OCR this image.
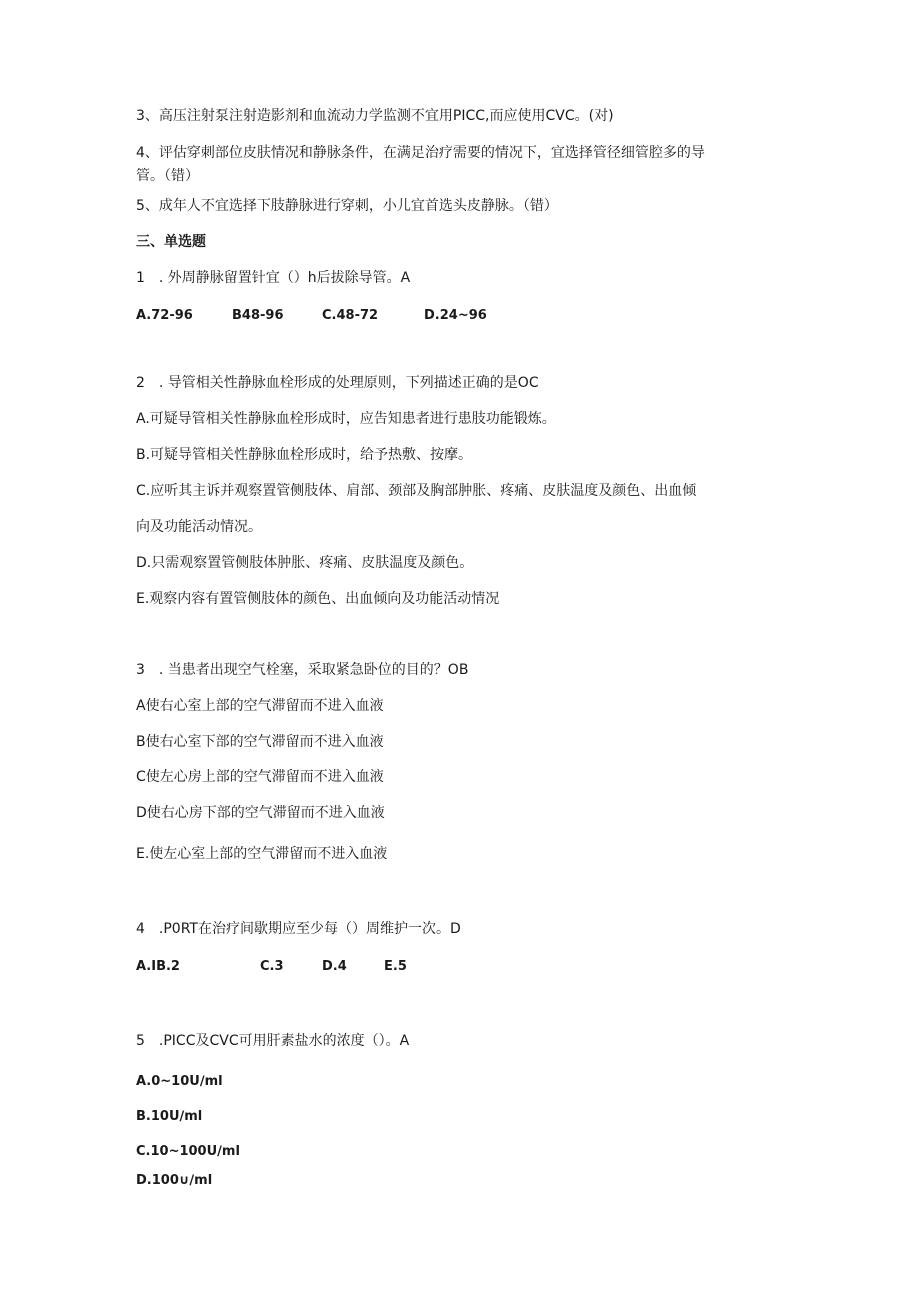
3、高压注射泵注射造影剂和血流动力学监测不宜用PICC,而应使用CVC。(对)
4、评估穿刺部位皮肤情况和静脉条件，在满足治疗需要的情况下，宜选择管径细管腔多的导
管。（错）
5、成年人不宜选择下肢静脉进行穿刺，小儿宜首选头皮静脉。（错）
三、单选题
1　. 外周静脉留置针宜（）h后拔除导管。A
A.72-96	B48-96	C.48-72	D.24~96
2　. 导管相关性静脉血栓形成的处理原则，下列描述正确的是OC
A.可疑导管相关性静脉血栓形成时，应告知患者进行患肢功能锻炼。
B.可疑导管相关性静脉血栓形成时，给予热敷、按摩。
C.应听其主诉并观察置管侧肢体、肩部、颈部及胸部肿胀、疼痛、皮肤温度及颜色、出血倾
向及功能活动情况。
D.只需观察置管侧肢体肿胀、疼痛、皮肤温度及颜色。
E.观察内容有置管侧肢体的颜色、出血倾向及功能活动情况
3　. 当患者出现空气栓塞，采取紧急卧位的目的？OB
A使右心室上部的空气滞留而不进入血液
B使右心室下部的空气滞留而不进入血液
C使左心房上部的空气滞留而不进入血液
D使右心房下部的空气滞留而不进入血液
E.使左心室上部的空气滞留而不进入血液
4　.P0RT在治疗间歇期应至少每（）周维护一次。D
A.IB.2	C.3	D.4	E.5
5　.PICC及CVC可用肝素盐水的浓度（）。A
A.0~10U∕ml
B.10U∕ml
C.10~100U∕ml
D.100∪∕ml
